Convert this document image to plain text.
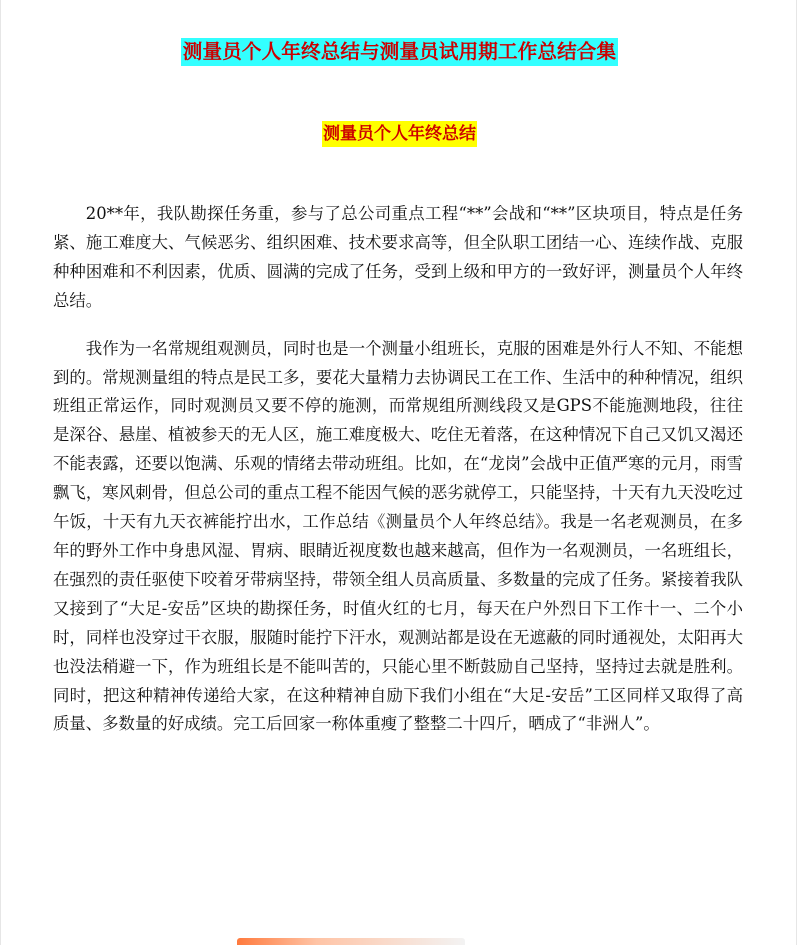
测量员个人年终总结与测量员试用期工作总结合集
测量员个人年终总结

20**年，我队勘探任务重，参与了总公司重点工程“**”会战和“**”区块项目，特点是任务紧、施工难度大、气候恶劣、组织困难、技术要求高等，但全队职工团结一心、连续作战、克服种种困难和不利因素，优质、圆满的完成了任务，受到上级和甲方的一致好评，测量员个人年终总结。

我作为一名常规组观测员，同时也是一个测量小组班长，克服的困难是外行人不知、不能想到的。常规测量组的特点是民工多，要花大量精力去协调民工在工作、生活中的种种情况，组织班组正常运作，同时观测员又要不停的施测，而常规组所测线段又是GPS不能施测地段，往往是深谷、悬崖、植被参天的无人区，施工难度极大、吃住无着落，在这种情况下自己又饥又渴还不能表露，还要以饱满、乐观的情绪去带动班组。比如，在“龙岗”会战中正值严寒的元月，雨雪飘飞，寒风刺骨，但总公司的重点工程不能因气候的恶劣就停工，只能坚持，十天有九天没吃过午饭，十天有九天衣裤能拧出水，工作总结《测量员个人年终总结》。我是一名老观测员，在多年的野外工作中身患风湿、胃病、眼睛近视度数也越来越高，但作为一名观测员，一名班组长，在强烈的责任驱使下咬着牙带病坚持，带领全组人员高质量、多数量的完成了任务。紧接着我队又接到了“大足-安岳”区块的勘探任务，时值火红的七月，每天在户外烈日下工作十一、二个小时，同样也没穿过干衣服，服随时能拧下汗水，观测站都是设在无遮蔽的同时通视处，太阳再大也没法稍避一下，作为班组长是不能叫苦的，只能心里不断鼓励自己坚持，坚持过去就是胜利。同时，把这种精神传递给大家，在这种精神自励下我们小组在“大足-安岳”工区同样又取得了高质量、多数量的好成绩。完工后回家一称体重瘦了整整二十四斤，晒成了“非洲人”。
